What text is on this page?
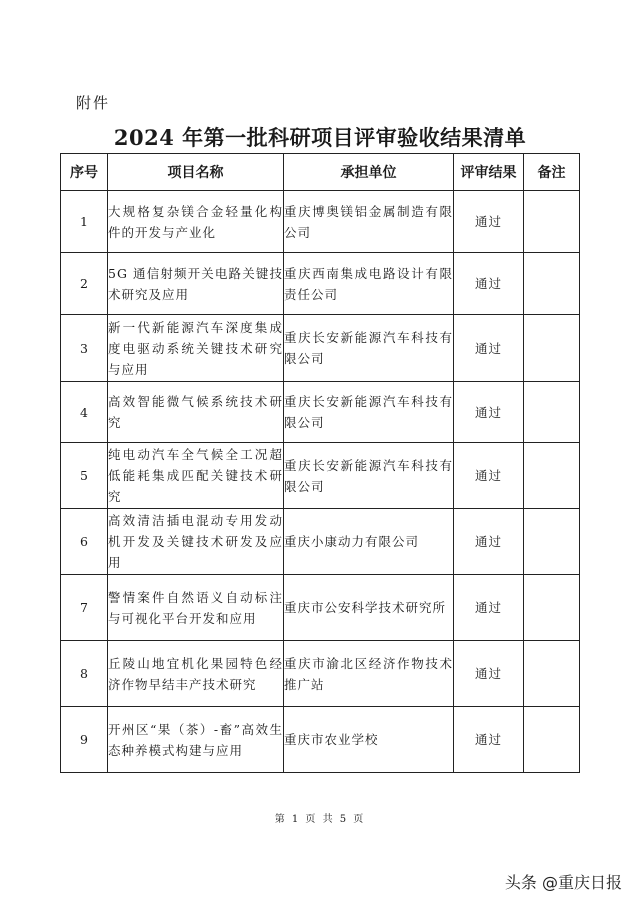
附件
2024 年第一批科研项目评审验收结果清单
序号	项目名称	承担单位	评审结果	备注
1	大规格复杂镁合金轻量化构件的开发与产业化	重庆博奥镁铝金属制造有限公司	通过	
2	5G 通信射频开关电路关键技术研究及应用	重庆西南集成电路设计有限责任公司	通过	
3	新一代新能源汽车深度集成度电驱动系统关键技术研究与应用	重庆长安新能源汽车科技有限公司	通过	
4	高效智能微气候系统技术研究	重庆长安新能源汽车科技有限公司	通过	
5	纯电动汽车全气候全工况超低能耗集成匹配关键技术研究	重庆长安新能源汽车科技有限公司	通过	
6	高效清洁插电混动专用发动机开发及关键技术研发及应用	重庆小康动力有限公司	通过	
7	警情案件自然语义自动标注与可视化平台开发和应用	重庆市公安科学技术研究所	通过	
8	丘陵山地宜机化果园特色经济作物早结丰产技术研究	重庆市渝北区经济作物技术推广站	通过	
9	开州区“果（茶）-畜”高效生态种养模式构建与应用	重庆市农业学校	通过	
第 1 页 共 5 页
头条 @重庆日报
